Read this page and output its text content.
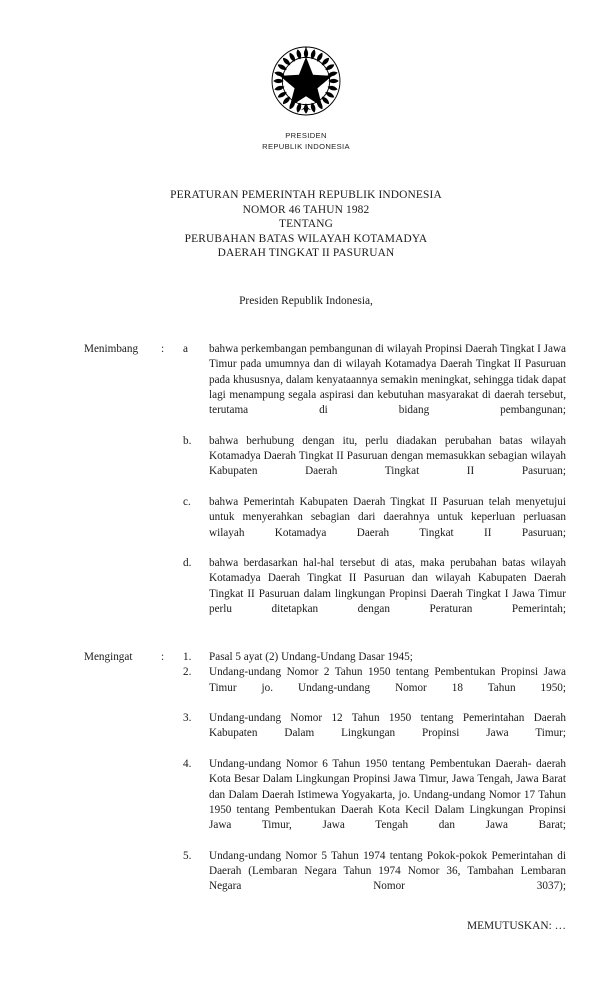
PRESIDEN
REPUBLIK INDONESIA
PERATURAN PEMERINTAH REPUBLIK INDONESIA
NOMOR 46 TAHUN 1982
TENTANG
PERUBAHAN BATAS WILAYAH KOTAMADYA
DAERAH TINGKAT II PASURUAN
Presiden Republik Indonesia,
Menimbang	:	a	bahwa perkembangan pembangunan di wilayah Propinsi Daerah Tingkat I Jawa Timur pada umumnya dan di wilayah Kotamadya Daerah Tingkat II Pasuruan pada khususnya, dalam kenyataannya semakin meningkat, sehingga tidak dapat lagi menampung segala aspirasi dan kebutuhan masyarakat di daerah tersebut, terutama di bidang pembangunan;
b.	bahwa berhubung dengan itu, perlu diadakan perubahan batas wilayah Kotamadya Daerah Tingkat II Pasuruan dengan memasukkan sebagian wilayah Kabupaten Daerah Tingkat II Pasuruan;
c.	bahwa Pemerintah Kabupaten Daerah Tingkat II Pasuruan telah menyetujui untuk menyerahkan sebagian dari daerahnya untuk keperluan perluasan wilayah Kotamadya Daerah Tingkat II Pasuruan;
d.	bahwa berdasarkan hal-hal tersebut di atas, maka perubahan batas wilayah Kotamadya Daerah Tingkat II Pasuruan dan wilayah Kabupaten Daerah Tingkat II Pasuruan dalam lingkungan Propinsi Daerah Tingkat I Jawa Timur perlu ditetapkan dengan Peraturan Pemerintah;
Mengingat	:	1.	Pasal 5 ayat (2) Undang-Undang Dasar 1945;
2.	Undang-undang Nomor 2 Tahun 1950 tentang Pembentukan Propinsi Jawa Timur jo. Undang-undang Nomor 18 Tahun 1950;
3.	Undang-undang Nomor 12 Tahun 1950 tentang Pemerintahan Daerah Kabupaten Dalam Lingkungan Propinsi Jawa Timur;
4.	Undang-undang Nomor 6 Tahun 1950 tentang Pembentukan Daerah- daerah Kota Besar Dalam Lingkungan Propinsi Jawa Timur, Jawa Tengah, Jawa Barat dan Dalam Daerah Istimewa Yogyakarta, jo. Undang-undang Nomor 17 Tahun 1950 tentang Pembentukan Daerah Kota Kecil Dalam Lingkungan Propinsi Jawa Timur, Jawa Tengah dan Jawa Barat;
5.	Undang-undang Nomor 5 Tahun 1974 tentang Pokok-pokok Pemerintahan di Daerah (Lembaran Negara Tahun 1974 Nomor 36, Tambahan Lembaran Negara Nomor 3037);
MEMUTUSKAN: …
